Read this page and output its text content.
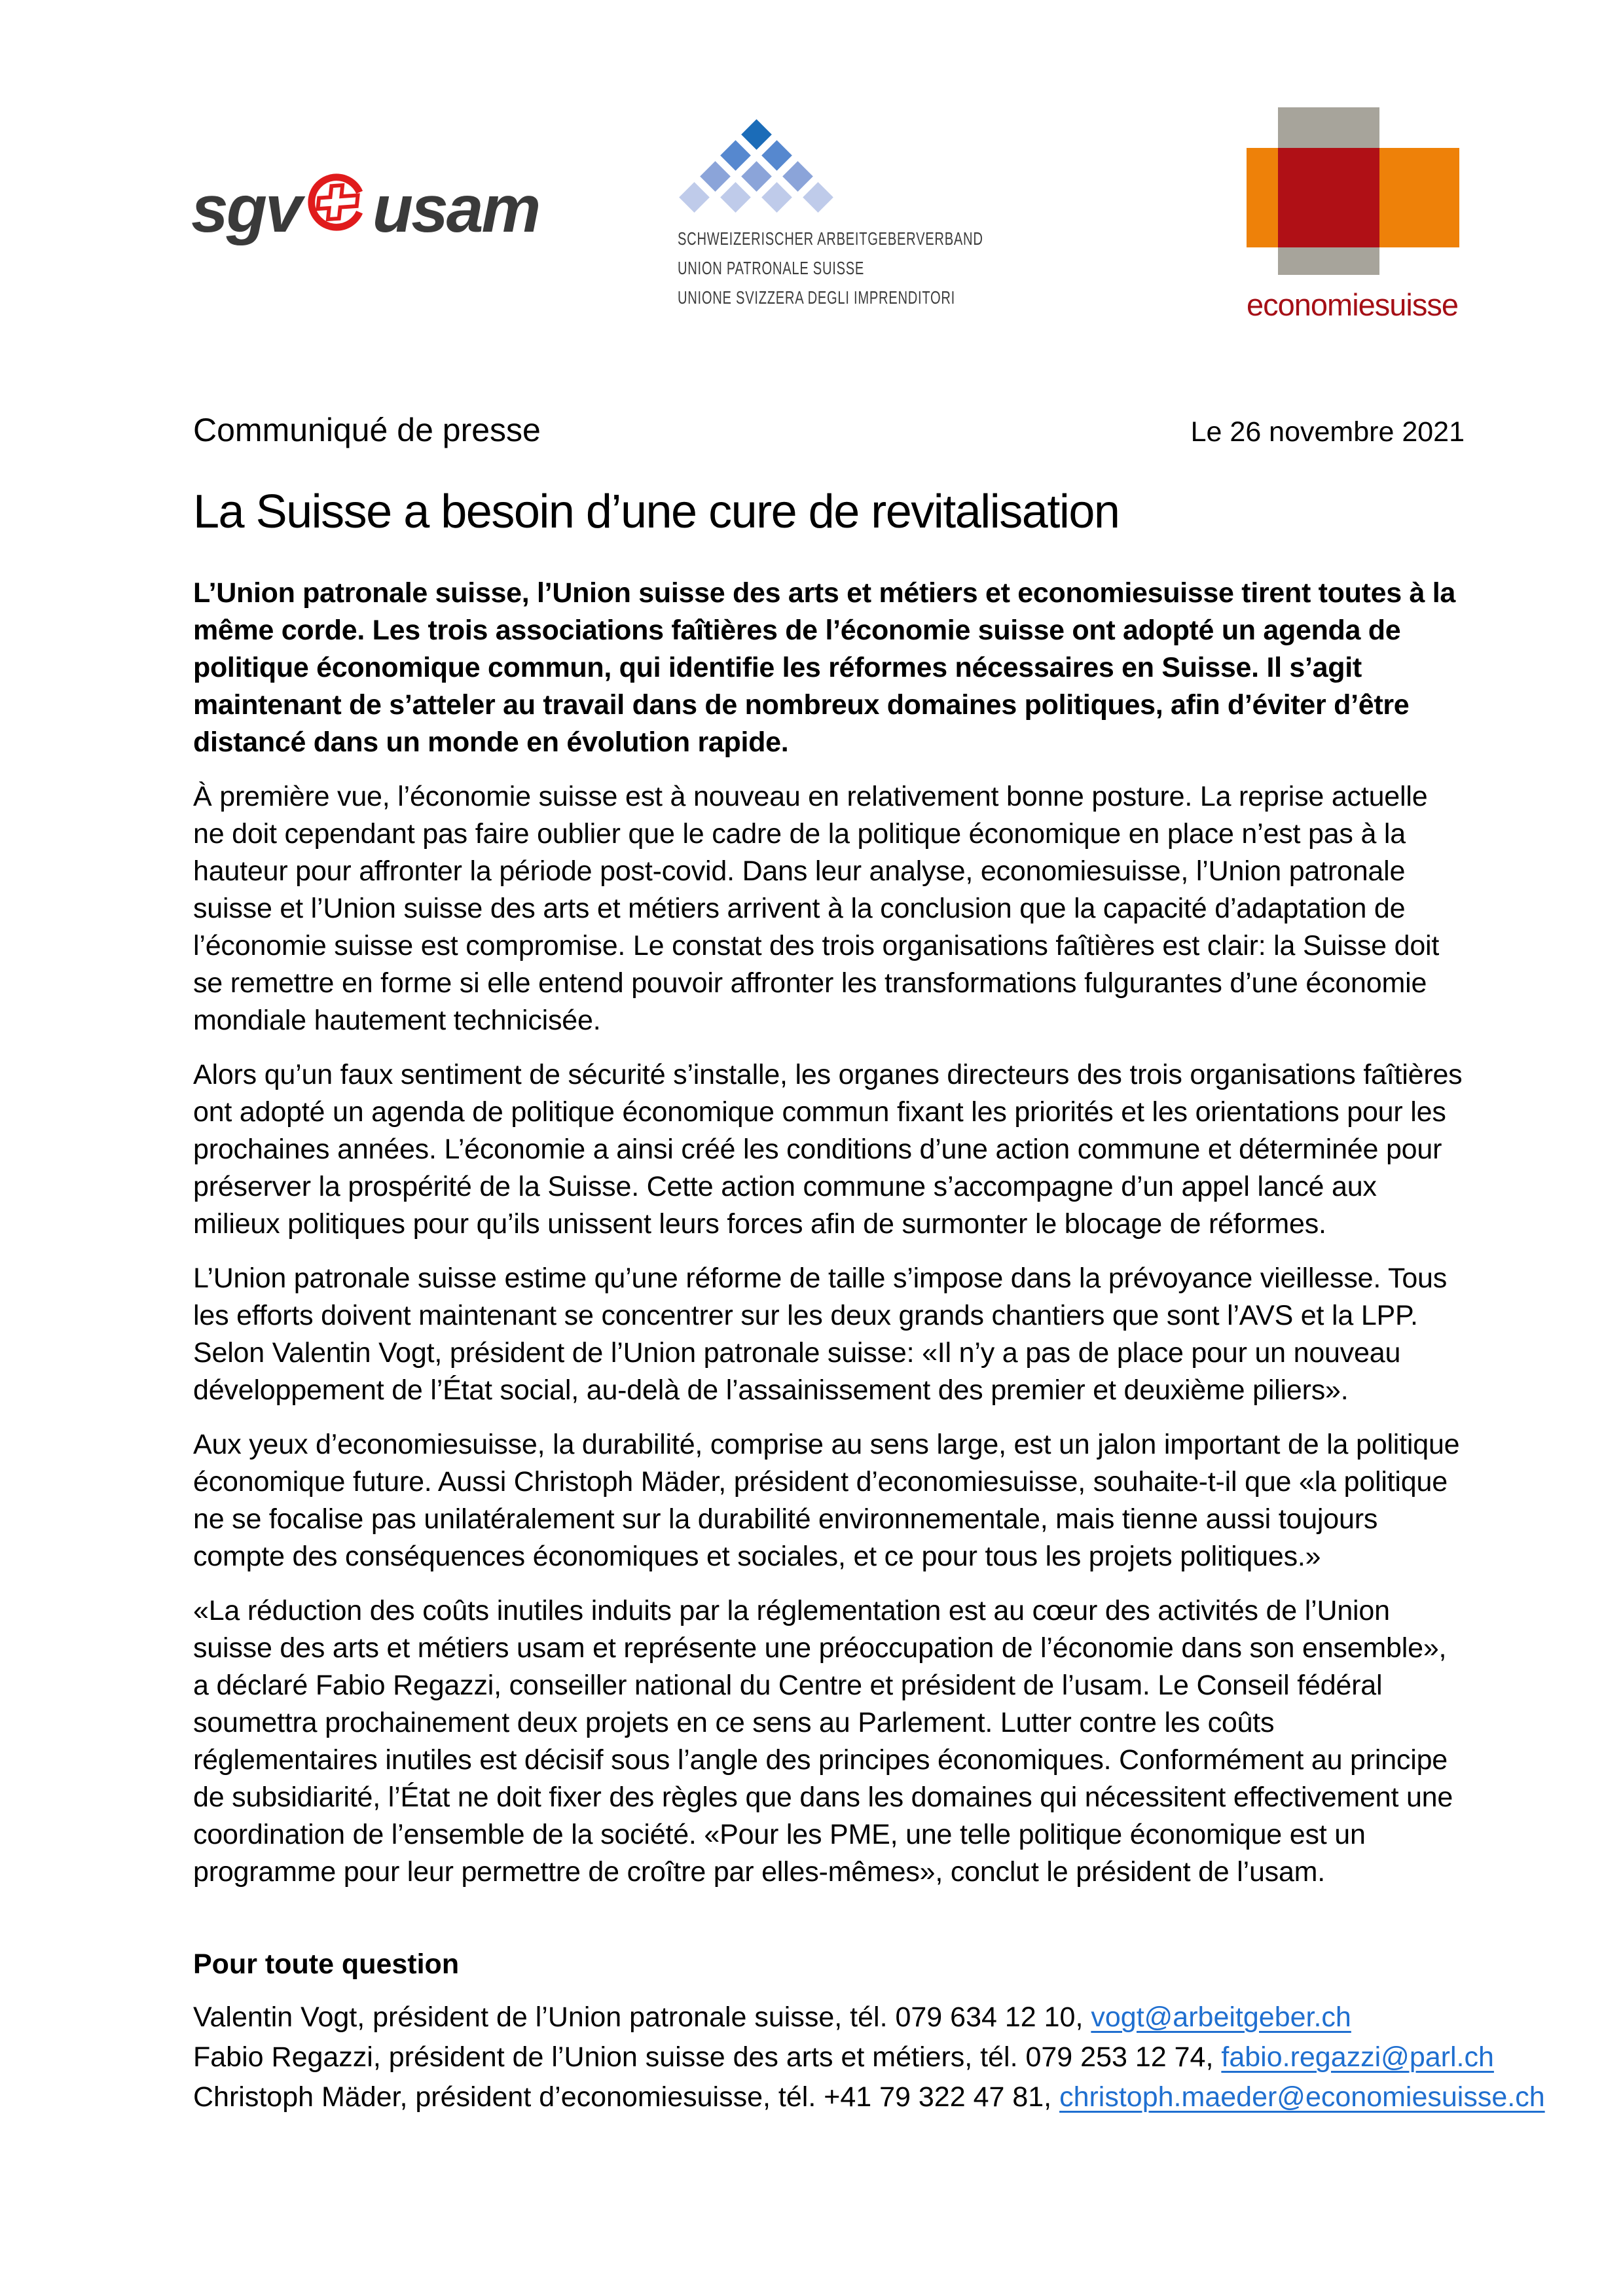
sgv usam	SCHWEIZERISCHER ARBEITGEBERVERBAND
UNION PATRONALE SUISSE
UNIONE SVIZZERA DEGLI IMPRENDITORI	economiesuisse
Communiqué de presse	Le 26 novembre 2021
La Suisse a besoin d’une cure de revitalisation

L’Union patronale suisse, l’Union suisse des arts et métiers et economiesuisse tirent toutes à la même corde. Les trois associations faîtières de l’économie suisse ont adopté un agenda de politique économique commun, qui identifie les réformes nécessaires en Suisse. Il s’agit maintenant de s’atteler au travail dans de nombreux domaines politiques, afin d’éviter d’être distancé dans un monde en évolution rapide.

À première vue, l’économie suisse est à nouveau en relativement bonne posture. La reprise actuelle ne doit cependant pas faire oublier que le cadre de la politique économique en place n’est pas à la hauteur pour affronter la période post-covid. Dans leur analyse, economiesuisse, l’Union patronale suisse et l’Union suisse des arts et métiers arrivent à la conclusion que la capacité d’adaptation de l’économie suisse est compromise. Le constat des trois organisations faîtières est clair: la Suisse doit se remettre en forme si elle entend pouvoir affronter les transformations fulgurantes d’une économie mondiale hautement technicisée.

Alors qu’un faux sentiment de sécurité s’installe, les organes directeurs des trois organisations faîtières ont adopté un agenda de politique économique commun fixant les priorités et les orientations pour les prochaines années. L’économie a ainsi créé les conditions d’une action commune et déterminée pour préserver la prospérité de la Suisse. Cette action commune s’accompagne d’un appel lancé aux milieux politiques pour qu’ils unissent leurs forces afin de surmonter le blocage de réformes.

L’Union patronale suisse estime qu’une réforme de taille s’impose dans la prévoyance vieillesse. Tous les efforts doivent maintenant se concentrer sur les deux grands chantiers que sont l’AVS et la LPP. Selon Valentin Vogt, président de l’Union patronale suisse: «Il n’y a pas de place pour un nouveau développement de l’État social, au-delà de l’assainissement des premier et deuxième piliers».

Aux yeux d’economiesuisse, la durabilité, comprise au sens large, est un jalon important de la politique économique future. Aussi Christoph Mäder, président d’economiesuisse, souhaite-t-il que «la politique ne se focalise pas unilatéralement sur la durabilité environnementale, mais tienne aussi toujours compte des conséquences économiques et sociales, et ce pour tous les projets politiques.»

«La réduction des coûts inutiles induits par la réglementation est au cœur des activités de l’Union suisse des arts et métiers usam et représente une préoccupation de l’économie dans son ensemble», a déclaré Fabio Regazzi, conseiller national du Centre et président de l’usam. Le Conseil fédéral soumettra prochainement deux projets en ce sens au Parlement. Lutter contre les coûts réglementaires inutiles est décisif sous l’angle des principes économiques. Conformément au principe de subsidiarité, l’État ne doit fixer des règles que dans les domaines qui nécessitent effectivement une coordination de l’ensemble de la société. «Pour les PME, une telle politique économique est un programme pour leur permettre de croître par elles-mêmes», conclut le président de l’usam.

Pour toute question

Valentin Vogt, président de l’Union patronale suisse, tél. 079 634 12 10, vogt@arbeitgeber.ch

Fabio Regazzi, président de l’Union suisse des arts et métiers, tél. 079 253 12 74, fabio.regazzi@parl.ch

Christoph Mäder, président d’economiesuisse, tél. +41 79 322 47 81, christoph.maeder@economiesuisse.ch
